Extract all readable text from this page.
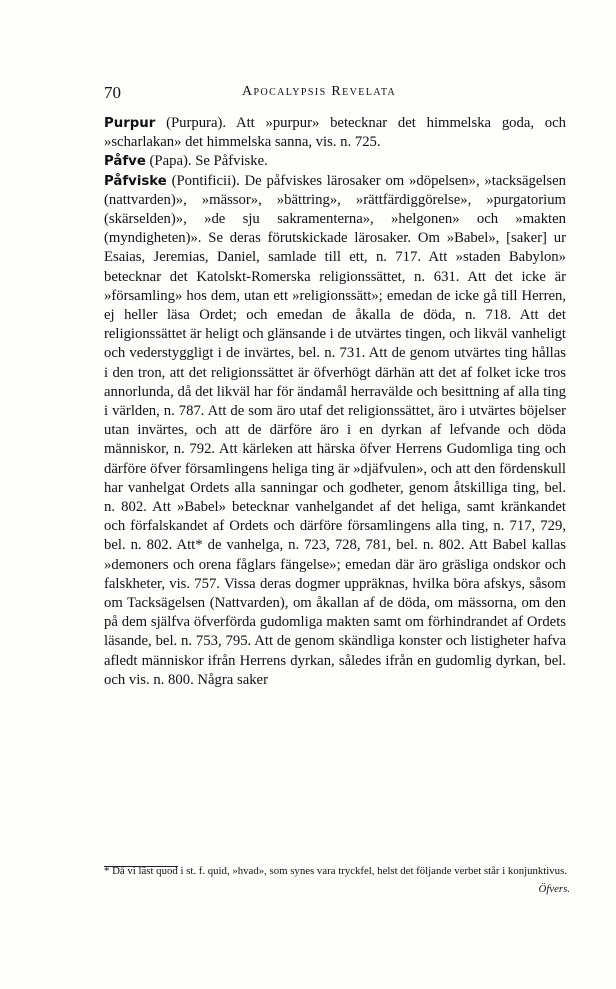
70	Apocalypsis Revelata

Purpur (Purpura). Att »purpur» betecknar det himmelska goda, och »scharlakan» det himmelska sanna, vis. n. 725.

Påfve (Papa). Se Påfviske.

Påfviske (Pontificii). De påfviskes lärosaker om »döpelsen», »tacksägelsen (nattvarden)», »mässor», »bättring», »rättfärdiggörelse», »purgatorium (skärselden)», »de sju sakramenterna», »helgonen» och »makten (myndigheten)». Se deras förutskickade lärosaker. Om »Babel», [saker] ur Esaias, Jeremias, Daniel, samlade till ett, n. 717. Att »staden Babylon» betecknar det Katolskt-Romerska religionssättet, n. 631. Att det icke är »församling» hos dem, utan ett »religionssätt»; emedan de icke gå till Herren, ej heller läsa Ordet; och emedan de åkalla de döda, n. 718. Att det religionssättet är heligt och glänsande i de utvärtes tingen, och likväl vanheligt och vederstyggligt i de invärtes, bel. n. 731. Att de genom utvärtes ting hållas i den tron, att det religionssättet är öfverhögt därhän att det af folket icke tros annorlunda, då det likväl har för ändamål herravälde och besittning af alla ting i världen, n. 787. Att de som äro utaf det religionssättet, äro i utvärtes böjelser utan invärtes, och att de därföre äro i en dyrkan af lefvande och döda människor, n. 792. Att kärleken att härska öfver Herrens Gudomliga ting och därföre öfver församlingens heliga ting är »djäfvulen», och att den fördenskull har vanhelgat Ordets alla sanningar och godheter, genom åtskilliga ting, bel. n. 802. Att »Babel» betecknar vanhelgandet af det heliga, samt kränkandet och förfalskandet af Ordets och därföre församlingens alla ting, n. 717, 729, bel. n. 802. Att* de vanhelga, n. 723, 728, 781, bel. n. 802. Att Babel kallas »demoners och orena fåglars fängelse»; emedan där äro gräsliga ondskor och falskheter, vis. 757. Vissa deras dogmer uppräknas, hvilka böra afskys, såsom om Tacksägelsen (Nattvarden), om åkallan af de döda, om mässorna, om den på dem själfva öfverförda gudomliga makten samt om förhindrandet af Ordets läsande, bel. n. 753, 795. Att de genom skändliga konster och listigheter hafva afledt människor ifrån Herrens dyrkan, således ifrån en gudomlig dyrkan, bel. och vis. n. 800. Några saker

* Då vi läst quod i st. f. quid, »hvad», som synes vara tryckfel, helst det följande verbet står i konjunktivus.
Öfvers.
